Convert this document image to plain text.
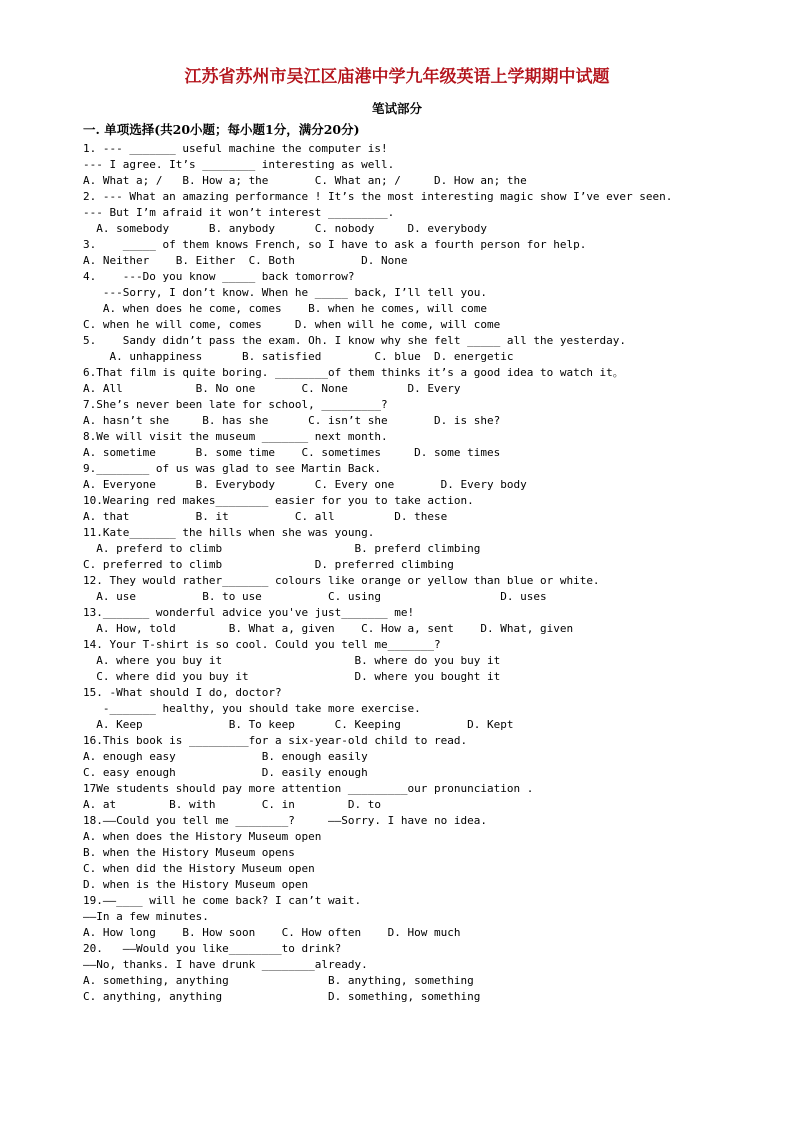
江苏省苏州市吴江区庙港中学九年级英语上学期期中试题
笔试部分
一. 单项选择(共20小题；每小题1分，满分20分)
1. --- _______ useful machine the computer is!
--- I agree. It’s ________ interesting as well.
A. What a; /   B. How a; the       C. What an; /     D. How an; the
2. --- What an amazing performance ! It’s the most interesting magic show I’ve ever seen.
--- But I’m afraid it won’t interest _________.
A. somebody      B. anybody      C. nobody     D. everybody
3.    _____ of them knows French, so I have to ask a fourth person for help.
A. Neither    B. Either  C. Both          D. None
4.    ---Do you know _____ back tomorrow?
---Sorry, I don’t know. When he _____ back, I’ll tell you.
A. when does he come, comes    B. when he comes, will come
C. when he will come, comes     D. when will he come, will come
5.    Sandy didn’t pass the exam. Oh. I know why she felt _____ all the yesterday.
A. unhappiness      B. satisfied        C. blue  D. energetic
6.That film is quite boring. ________of them thinks it’s a good idea to watch it。
A. All           B. No one       C. None         D. Every
7.She’s never been late for school, _________?
A. hasn’t she     B. has she      C. isn’t she       D. is she?
8.We will visit the museum _______ next month.
A. sometime      B. some time    C. sometimes     D. some times
9.________ of us was glad to see Martin Back.
A. Everyone      B. Everybody      C. Every one       D. Every body
10.Wearing red makes________ easier for you to take action.
A. that          B. it          C. all         D. these
11.Kate_______ the hills when she was young.
A. preferd to climb                    B. preferd climbing
C. preferred to climb              D. preferred climbing
12. They would rather_______ colours like orange or yellow than blue or white.
A. use          B. to use          C. using                  D. uses
13._______ wonderful advice you've just_______ me!
A. How, told        B. What a, given    C. How a, sent    D. What, given
14. Your T-shirt is so cool. Could you tell me_______?
A. where you buy it                    B. where do you buy it
C. where did you buy it                D. where you bought it
15. -What should I do, doctor?
-_______ healthy, you should take more exercise.
A. Keep             B. To keep      C. Keeping          D. Kept
16.This book is _________for a six-year-old child to read.
A. enough easy             B. enough easily
C. easy enough             D. easily enough
17We students should pay more attention _________our pronunciation .
A. at        B. with       C. in        D. to
18.——Could you tell me ________?     ——Sorry. I have no idea.
A. when does the History Museum open
B. when the History Museum opens
C. when did the History Museum open
D. when is the History Museum open
19.——____ will he come back? I can’t wait.
——In a few minutes.
A. How long    B. How soon    C. How often    D. How much
20.   ——Would you like________to drink?
——No, thanks. I have drunk ________already.
A. something, anything               B. anything, something
C. anything, anything                D. something, something
